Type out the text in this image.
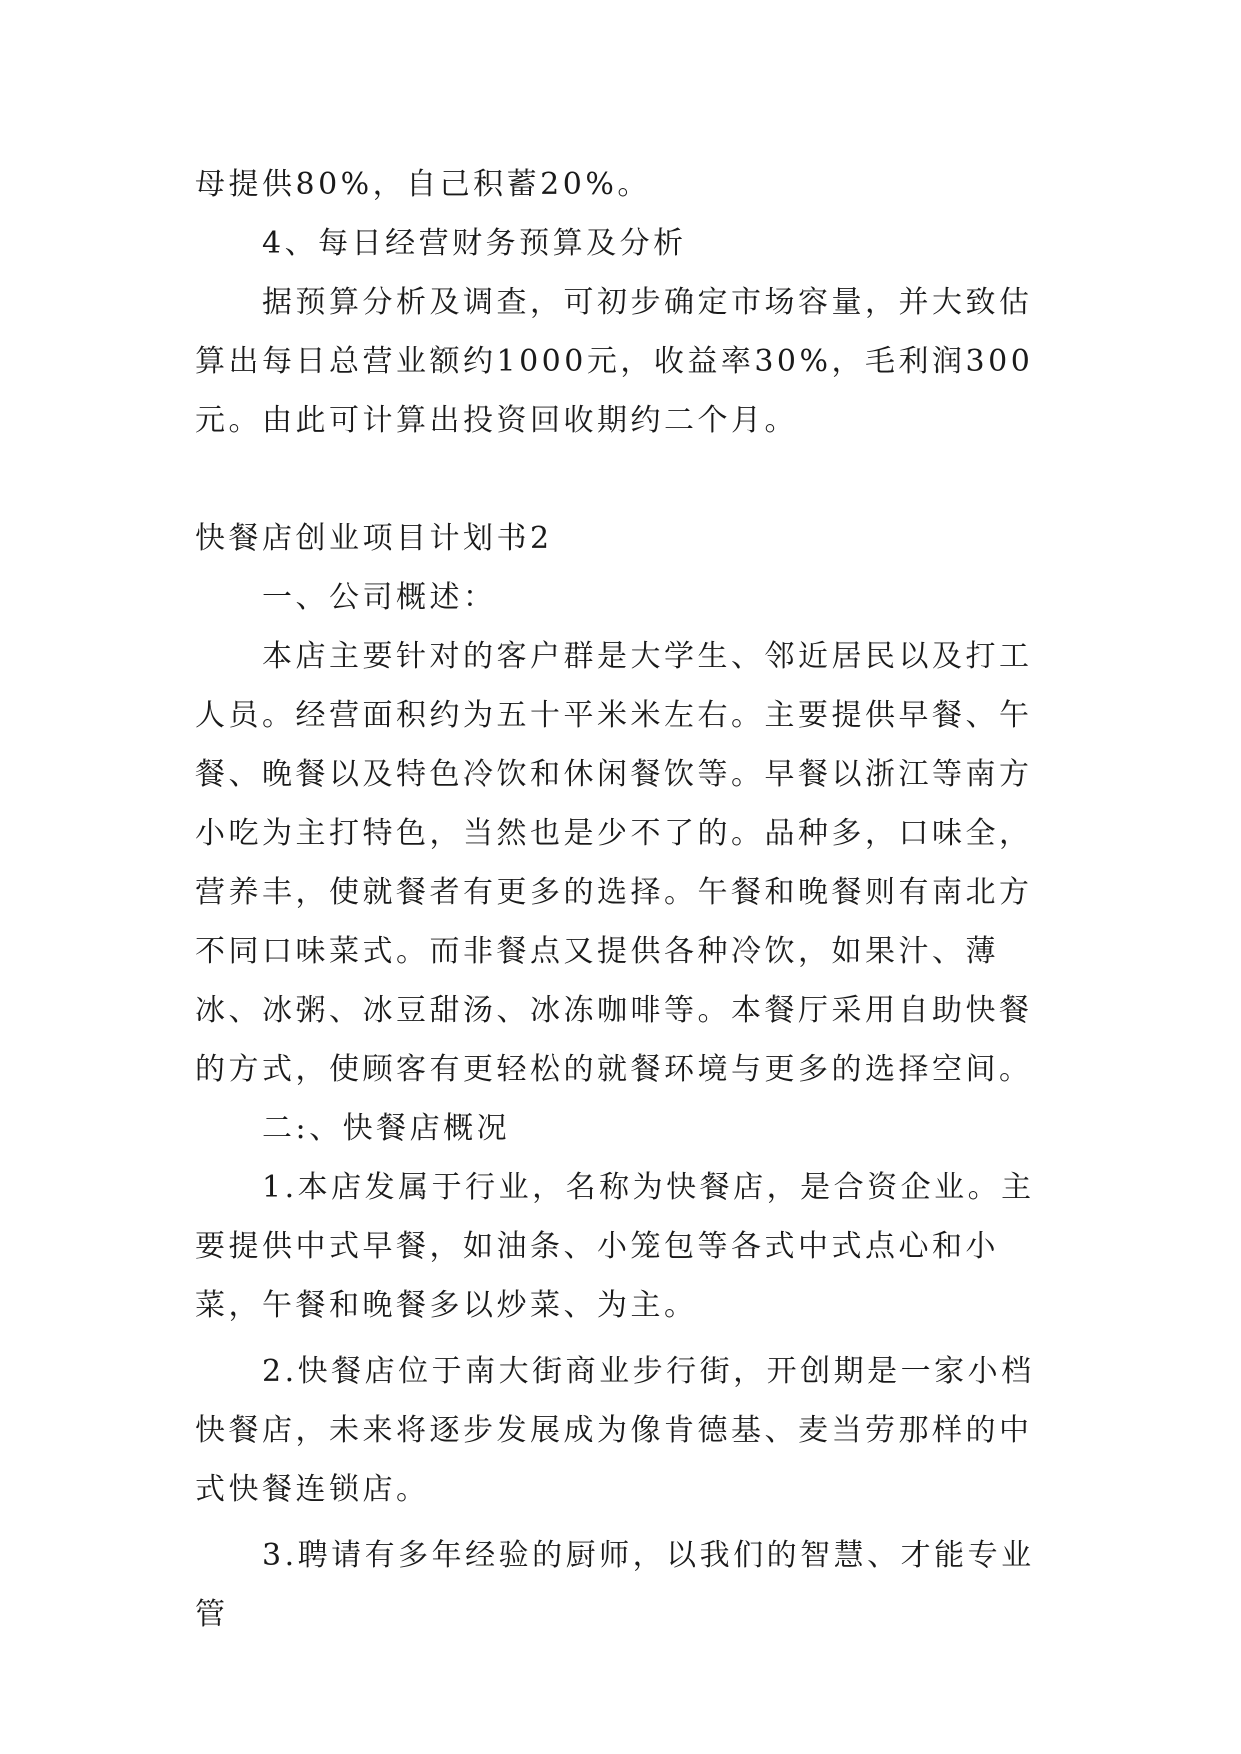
母提供80%，自己积蓄20%。

4、每日经营财务预算及分析

据预算分析及调查，可初步确定市场容量，并大致估算出每日总营业额约1000元，收益率30%，毛利润300元。由此可计算出投资回收期约二个月。

快餐店创业项目计划书2

一、公司概述：

本店主要针对的客户群是大学生、邻近居民以及打工人员。经营面积约为五十平米米左右。主要提供早餐、午餐、晚餐以及特色冷饮和休闲餐饮等。早餐以浙江等南方小吃为主打特色，当然也是少不了的。品种多，口味全，营养丰，使就餐者有更多的选择。午餐和晚餐则有南北方不同口味菜式。而非餐点又提供各种冷饮，如果汁、薄冰、冰粥、冰豆甜汤、冰冻咖啡等。本餐厅采用自助快餐的方式，使顾客有更轻松的就餐环境与更多的选择空间。

二:、快餐店概况

1.本店发属于行业，名称为快餐店，是合资企业。主要提供中式早餐，如油条、小笼包等各式中式点心和小菜，午餐和晚餐多以炒菜、为主。

2.快餐店位于南大街商业步行街，开创期是一家小档快餐店，未来将逐步发展成为像肯德基、麦当劳那样的中式快餐连锁店。

3.聘请有多年经验的厨师，以我们的智慧、才能专业管
